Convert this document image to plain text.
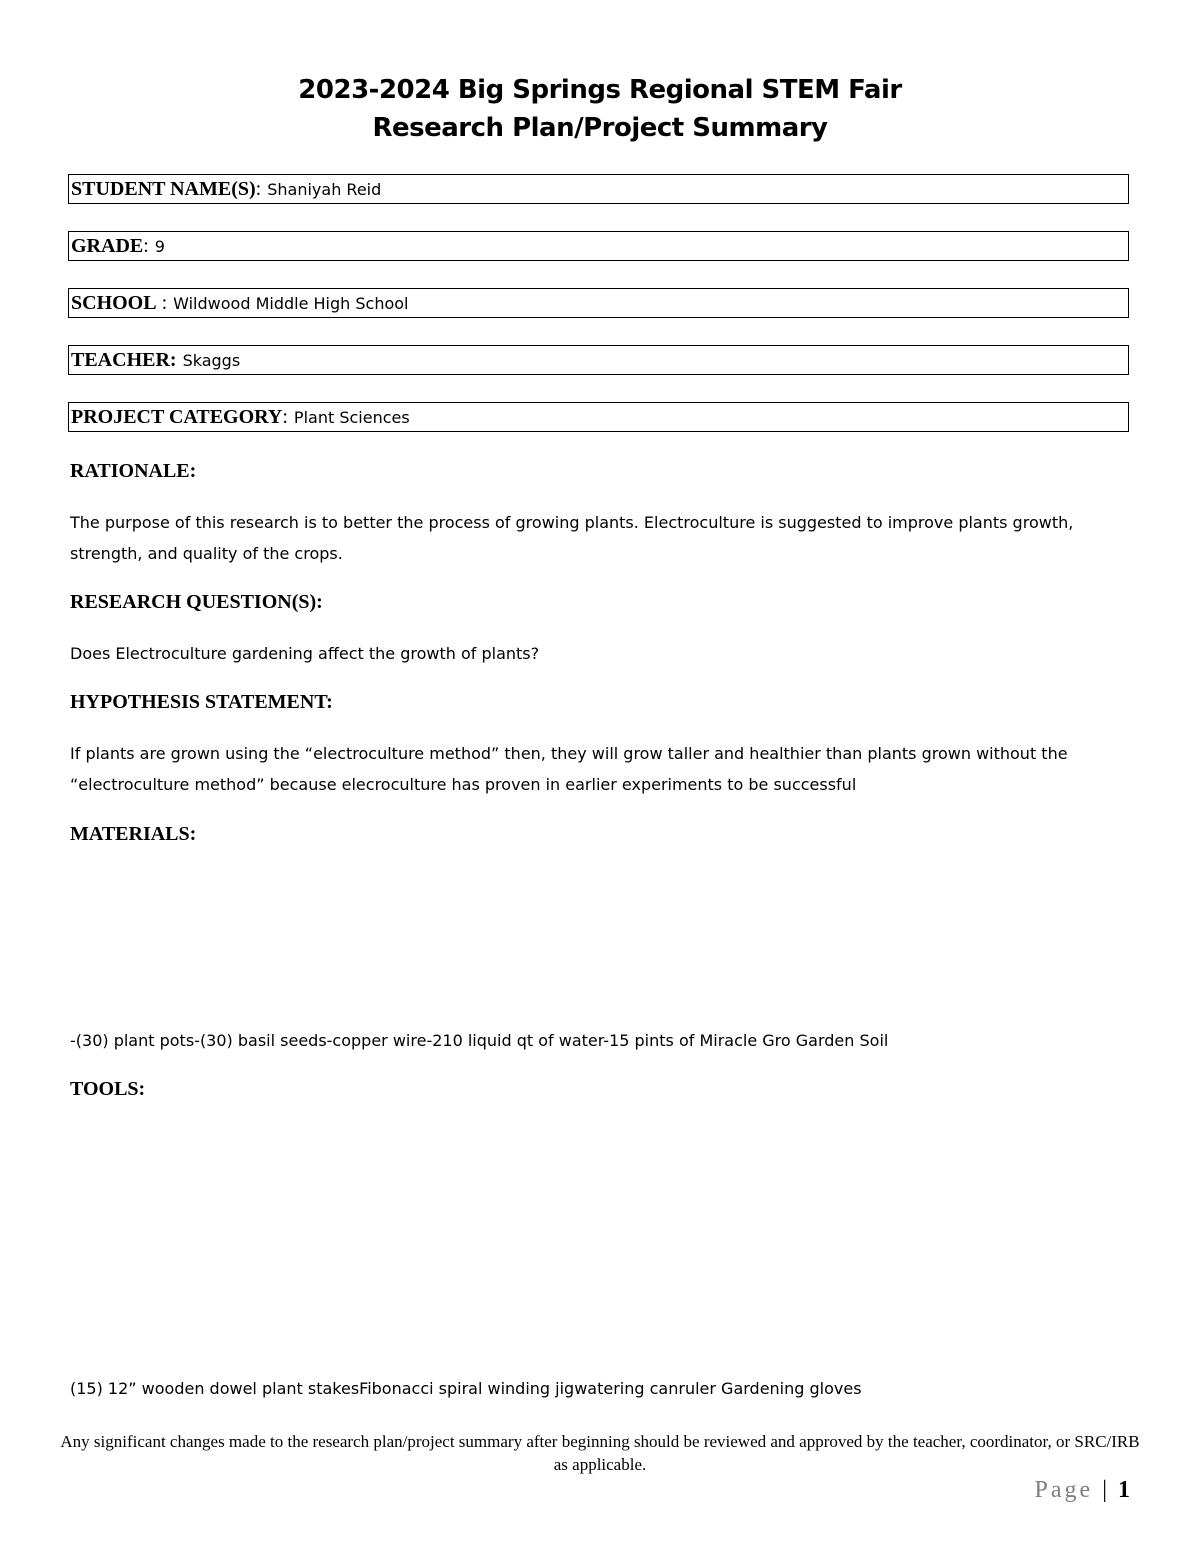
2023-2024 Big Springs Regional STEM Fair
Research Plan/Project Summary
STUDENT NAME(S) : Shaniyah Reid
GRADE : 9
SCHOOL : Wildwood Middle High School
TEACHER: Skaggs
PROJECT CATEGORY : Plant Sciences
RATIONALE:
The purpose of this research is to better the process of growing plants. Electroculture is suggested to improve plants growth, strength, and quality of the crops.
RESEARCH QUESTION(S):
Does Electroculture gardening affect the growth of plants?
HYPOTHESIS STATEMENT:
If plants are grown using the “electroculture method” then, they will grow taller and healthier than plants grown without the “electroculture method” because elecroculture has proven in earlier experiments to be successful
MATERIALS:
-(30) plant pots-(30) basil seeds-copper wire-210 liquid qt of water-15 pints of Miracle Gro Garden Soil
TOOLS:
(15) 12” wooden dowel plant stakesFibonacci spiral winding jigwatering canruler Gardening gloves
Any significant changes made to the research plan/project summary after beginning should be reviewed and approved by the teacher, coordinator, or SRC/IRB as applicable.
Page | 1
